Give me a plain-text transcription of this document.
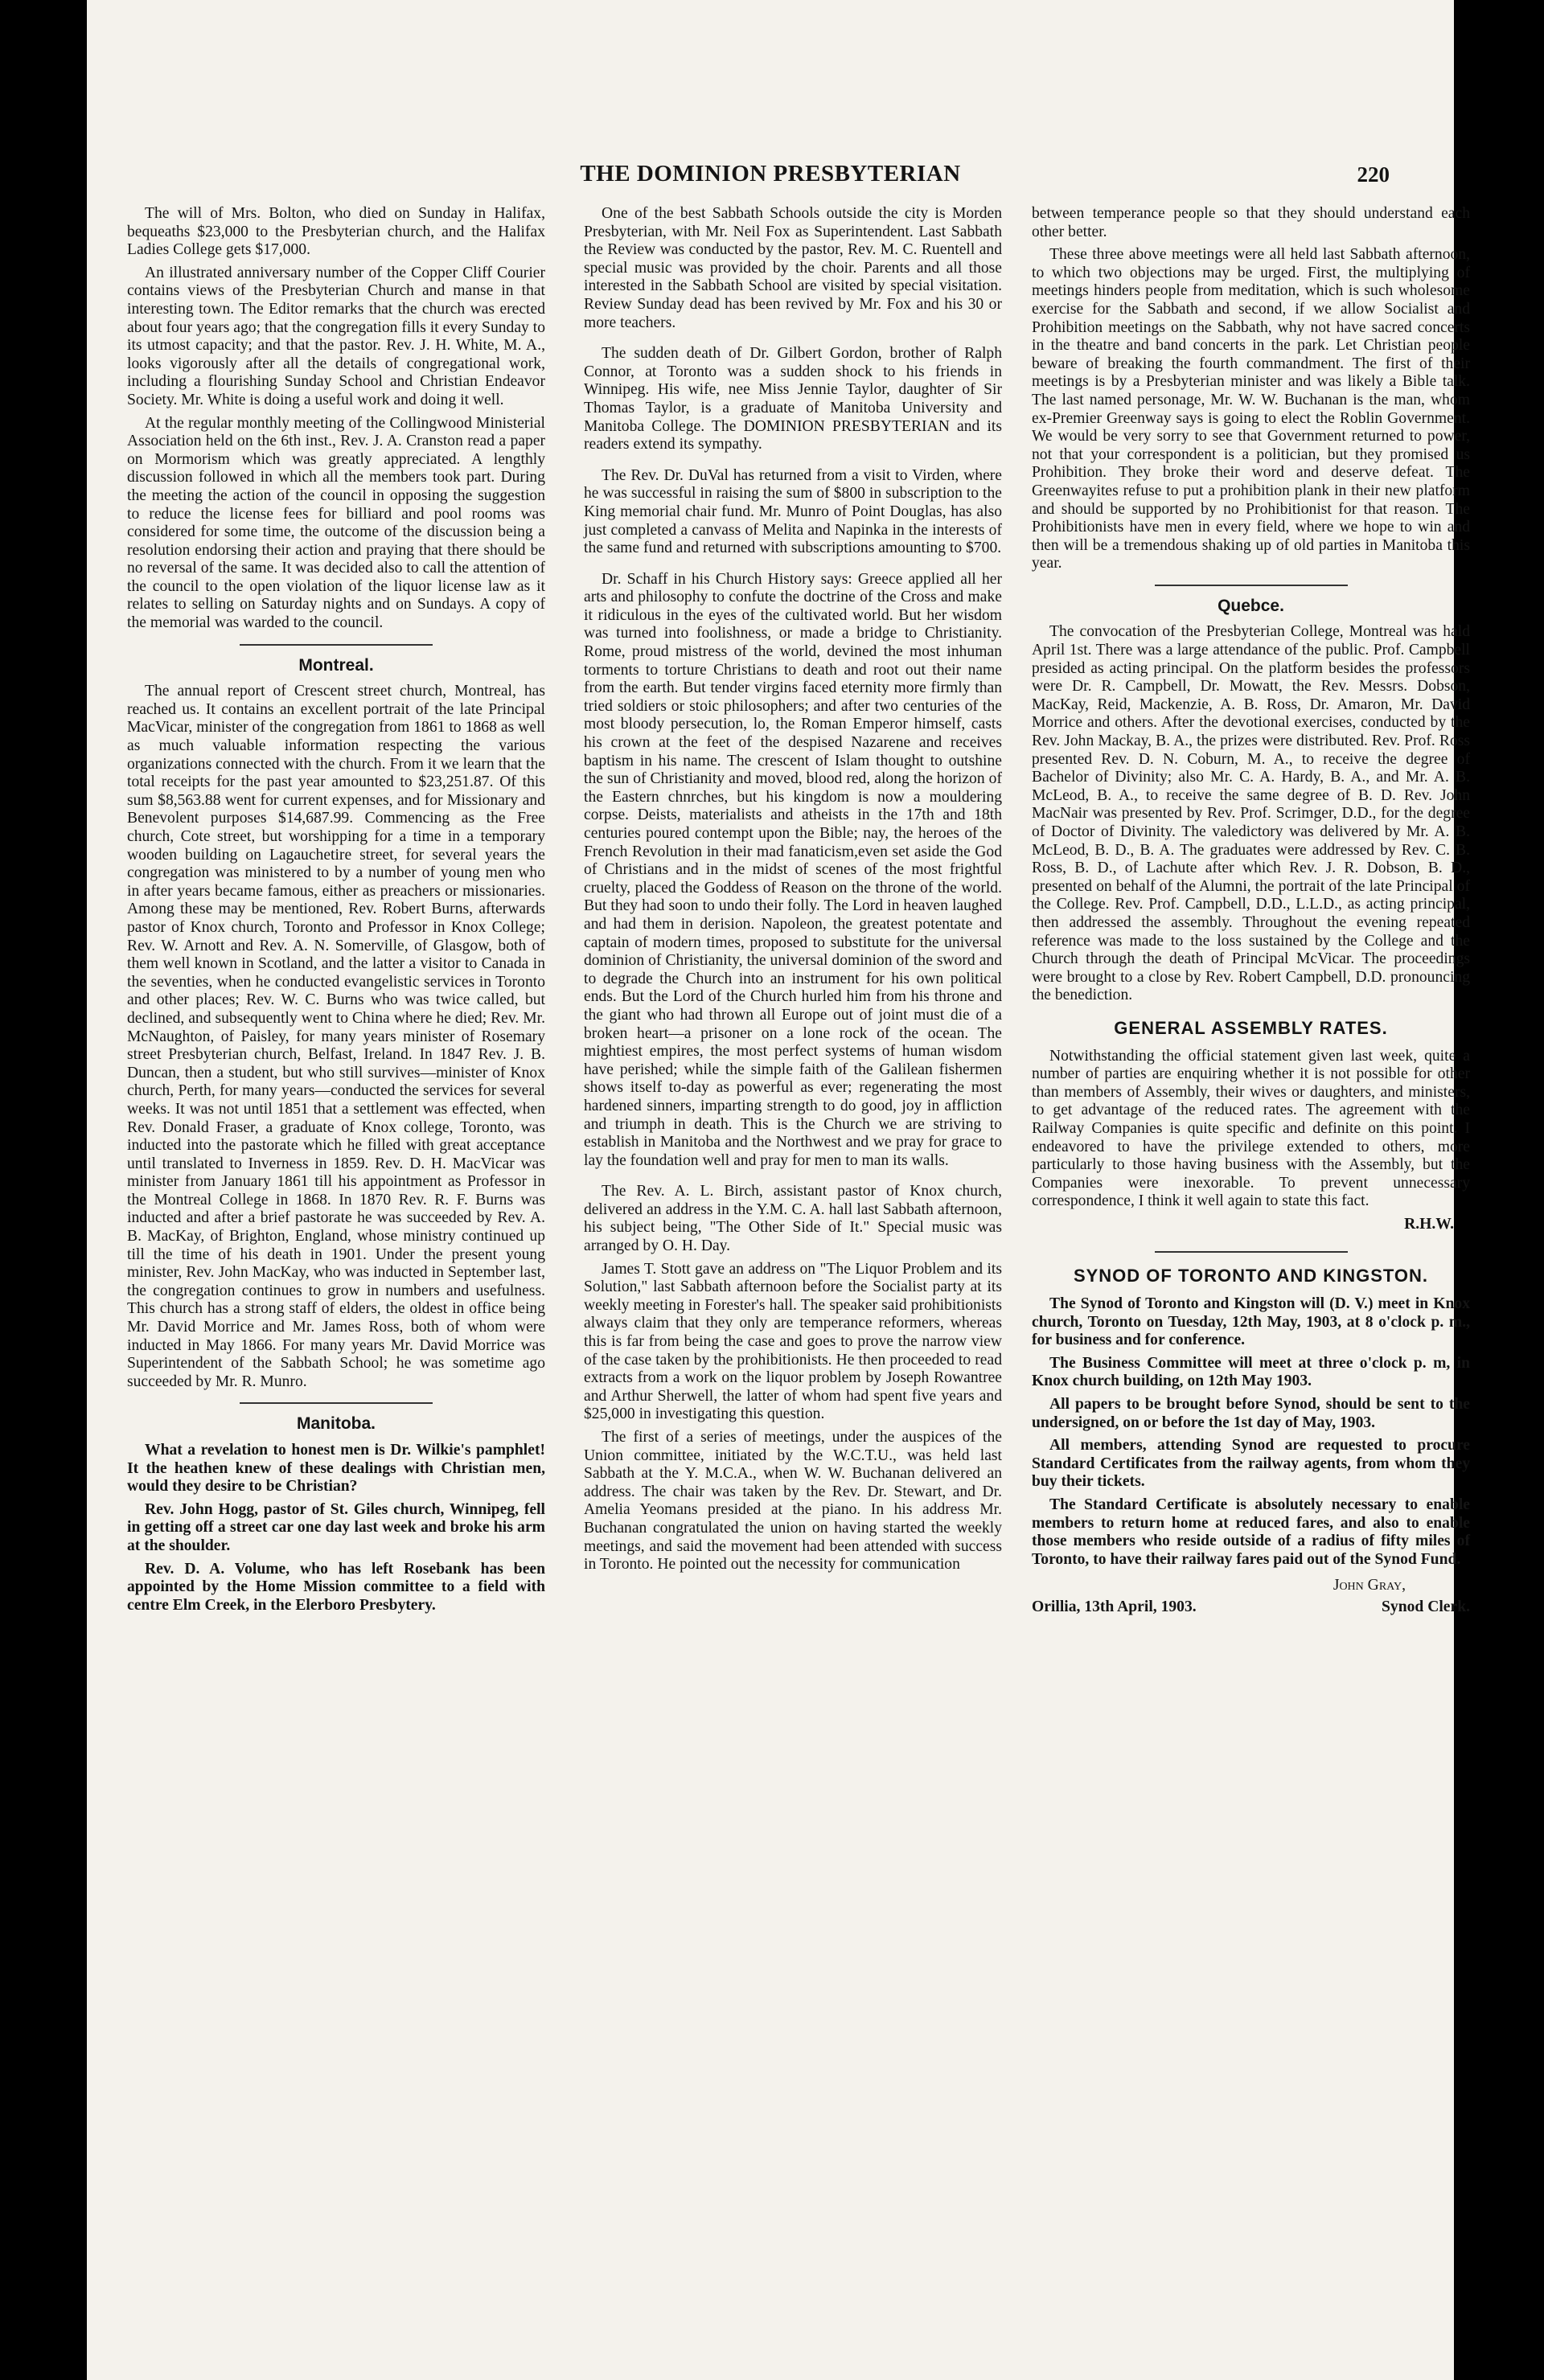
THE DOMINION PRESBYTERIAN	220

The will of Mrs. Bolton, who died on Sunday in Halifax, bequeaths $23,000 to the Presbyterian church, and the Halifax Ladies College gets $17,000.

An illustrated anniversary number of the Copper Cliff Courier contains views of the Presbyterian Church and manse in that interesting town. The Editor remarks that the church was erected about four years ago; that the congregation fills it every Sunday to its utmost capacity; and that the pastor. Rev. J. H. White, M. A., looks vigorously after all the details of congregational work, including a flourishing Sunday School and Christian Endeavor Society. Mr. White is doing a useful work and doing it well.

At the regular monthly meeting of the Collingwood Ministerial Association held on the 6th inst., Rev. J. A. Cranston read a paper on Mormorism which was greatly appreciated. A lengthly discussion followed in which all the members took part. During the meeting the action of the council in opposing the suggestion to reduce the license fees for billiard and pool rooms was considered for some time, the outcome of the discussion being a resolution endorsing their action and praying that there should be no reversal of the same. It was decided also to call the attention of the council to the open violation of the liquor license law as it relates to selling on Saturday nights and on Sundays. A copy of the memorial was warded to the council.

Montreal.

The annual report of Crescent street church, Montreal, has reached us. It contains an excellent portrait of the late Principal MacVicar, minister of the congregation from 1861 to 1868 as well as much valuable information respecting the various organizations connected with the church. From it we learn that the total receipts for the past year amounted to $23,251.87. Of this sum $8,563.88 went for current expenses, and for Missionary and Benevolent purposes $14,687.99. Commencing as the Free church, Cote street, but worshipping for a time in a temporary wooden building on Lagauchetire street, for several years the congregation was ministered to by a number of young men who in after years became famous, either as preachers or missionaries. Among these may be mentioned, Rev. Robert Burns, afterwards pastor of Knox church, Toronto and Professor in Knox College; Rev. W. Arnott and Rev. A. N. Somerville, of Glasgow, both of them well known in Scotland, and the latter a visitor to Canada in the seventies, when he conducted evangelistic services in Toronto and other places; Rev. W. C. Burns who was twice called, but declined, and subsequently went to China where he died; Rev. Mr. McNaughton, of Paisley, for many years minister of Rosemary street Presbyterian church, Belfast, Ireland. In 1847 Rev. J. B. Duncan, then a student, but who still survives—minister of Knox church, Perth, for many years—conducted the services for several weeks. It was not until 1851 that a settlement was effected, when Rev. Donald Fraser, a graduate of Knox college, Toronto, was inducted into the pastorate which he filled with great acceptance until translated to Inverness in 1859. Rev. D. H. MacVicar was minister from January 1861 till his appointment as Professor in the Montreal College in 1868. In 1870 Rev. R. F. Burns was inducted and after a brief pastorate he was succeeded by Rev. A. B. MacKay, of Brighton, England, whose ministry continued up till the time of his death in 1901. Under the present young minister, Rev. John MacKay, who was inducted in September last, the congregation continues to grow in numbers and usefulness. This church has a strong staff of elders, the oldest in office being Mr. David Morrice and Mr. James Ross, both of whom were inducted in May 1866. For many years Mr. David Morrice was Superintendent of the Sabbath School; he was sometime ago succeeded by Mr. R. Munro.

Manitoba.

What a revelation to honest men is Dr. Wilkie's pamphlet! It the heathen knew of these dealings with Christian men, would they desire to be Christian?

Rev. John Hogg, pastor of St. Giles church, Winnipeg, fell in getting off a street car one day last week and broke his arm at the shoulder.

Rev. D. A. Volume, who has left Rosebank has been appointed by the Home Mission committee to a field with centre Elm Creek, in the Elerboro Presbytery.

One of the best Sabbath Schools outside the city is Morden Presbyterian, with Mr. Neil Fox as Superintendent. Last Sabbath the Review was conducted by the pastor, Rev. M. C. Ruentell and special music was provided by the choir. Parents and all those interested in the Sabbath School are visited by special visitation. Review Sunday dead has been revived by Mr. Fox and his 30 or more teachers.

The sudden death of Dr. Gilbert Gordon, brother of Ralph Connor, at Toronto was a sudden shock to his friends in Winnipeg. His wife, nee Miss Jennie Taylor, daughter of Sir Thomas Taylor, is a graduate of Manitoba University and Manitoba College. The DOMINION PRESBYTERIAN and its readers extend its sympathy.

The Rev. Dr. DuVal has returned from a visit to Virden, where he was successful in raising the sum of $800 in subscription to the King memorial chair fund. Mr. Munro of Point Douglas, has also just completed a canvass of Melita and Napinka in the interests of the same fund and returned with subscriptions amounting to $700.

Dr. Schaff in his Church History says: Greece applied all her arts and philosophy to confute the doctrine of the Cross and make it ridiculous in the eyes of the cultivated world. But her wisdom was turned into foolishness, or made a bridge to Christianity. Rome, proud mistress of the world, devined the most inhuman torments to torture Christians to death and root out their name from the earth. But tender virgins faced eternity more firmly than tried soldiers or stoic philosophers; and after two centuries of the most bloody persecution, lo, the Roman Emperor himself, casts his crown at the feet of the despised Nazarene and receives baptism in his name. The crescent of Islam thought to outshine the sun of Christianity and moved, blood red, along the horizon of the Eastern chnrches, but his kingdom is now a mouldering corpse. Deists, materialists and atheists in the 17th and 18th centuries poured contempt upon the Bible; nay, the heroes of the French Revolution in their mad fanaticism,even set aside the God of Christians and in the midst of scenes of the most frightful cruelty, placed the Goddess of Reason on the throne of the world. But they had soon to undo their folly. The Lord in heaven laughed and had them in derision. Napoleon, the greatest potentate and captain of modern times, proposed to substitute for the universal dominion of Christianity, the universal dominion of the sword and to degrade the Church into an instrument for his own political ends. But the Lord of the Church hurled him from his throne and the giant who had thrown all Europe out of joint must die of a broken heart—a prisoner on a lone rock of the ocean. The mightiest empires, the most perfect systems of human wisdom have perished; while the simple faith of the Galilean fishermen shows itself to-day as powerful as ever; regenerating the most hardened sinners, imparting strength to do good, joy in affliction and triumph in death. This is the Church we are striving to establish in Manitoba and the Northwest and we pray for grace to lay the foundation well and pray for men to man its walls.

The Rev. A. L. Birch, assistant pastor of Knox church, delivered an address in the Y.M. C. A. hall last Sabbath afternoon, his subject being, "The Other Side of It." Special music was arranged by O. H. Day.

James T. Stott gave an address on "The Liquor Problem and its Solution," last Sabbath afternoon before the Socialist party at its weekly meeting in Forester's hall. The speaker said prohibitionists always claim that they only are temperance reformers, whereas this is far from being the case and goes to prove the narrow view of the case taken by the prohibitionists. He then proceeded to read extracts from a work on the liquor problem by Joseph Rowantree and Arthur Sherwell, the latter of whom had spent five years and $25,000 in investigating this question.

The first of a series of meetings, under the auspices of the Union committee, initiated by the W.C.T.U., was held last Sabbath at the Y. M.C.A., when W. W. Buchanan delivered an address. The chair was taken by the Rev. Dr. Stewart, and Dr. Amelia Yeomans presided at the piano. In his address Mr. Buchanan congratulated the union on having started the weekly meetings, and said the movement had been attended with success in Toronto. He pointed out the necessity for communication

between temperance people so that they should understand each other better.

These three above meetings were all held last Sabbath afternoon, to which two objections may be urged. First, the multiplying of meetings hinders people from meditation, which is such wholesome exercise for the Sabbath and second, if we allow Socialist and Prohibition meetings on the Sabbath, why not have sacred concerts in the theatre and band concerts in the park. Let Christian people beware of breaking the fourth commandment. The first of their meetings is by a Presbyterian minister and was likely a Bible talk. The last named personage, Mr. W. W. Buchanan is the man, whom ex-Premier Greenway says is going to elect the Roblin Government. We would be very sorry to see that Government returned to power, not that your correspondent is a politician, but they promised us Prohibition. They broke their word and deserve defeat. The Greenwayites refuse to put a prohibition plank in their new platform and should be supported by no Prohibitionist for that reason. The Prohibitionists have men in every field, where we hope to win and then will be a tremendous shaking up of old parties in Manitoba this year.

Quebce.

The convocation of the Presbyterian College, Montreal was hald April 1st. There was a large attendance of the public. Prof. Campbell presided as acting principal. On the platform besides the professors were Dr. R. Campbell, Dr. Mowatt, the Rev. Messrs. Dobson, MacKay, Reid, Mackenzie, A. B. Ross, Dr. Amaron, Mr. David Morrice and others. After the devotional exercises, conducted by the Rev. John Mackay, B. A., the prizes were distributed. Rev. Prof. Ross presented Rev. D. N. Coburn, M. A., to receive the degree of Bachelor of Divinity; also Mr. C. A. Hardy, B. A., and Mr. A. B. McLeod, B. A., to receive the same degree of B. D. Rev. John MacNair was presented by Rev. Prof. Scrimger, D.D., for the degree of Doctor of Divinity. The valedictory was delivered by Mr. A. B. McLeod, B. D., B. A. The graduates were addressed by Rev. C. B. Ross, B. D., of Lachute after which Rev. J. R. Dobson, B. D., presented on behalf of the Alumni, the portrait of the late Principal of the College. Rev. Prof. Campbell, D.D., L.L.D., as acting principal, then addressed the assembly. Throughout the evening repeated reference was made to the loss sustained by the College and the Church through the death of Principal McVicar. The proceedings were brought to a close by Rev. Robert Campbell, D.D. pronouncing the benediction.

GENERAL ASSEMBLY RATES.

Notwithstanding the official statement given last week, quite a number of parties are enquiring whether it is not possible for other than members of Assembly, their wives or daughters, and ministers, to get advantage of the reduced rates. The agreement with the Railway Companies is quite specific and definite on this point. I endeavored to have the privilege extended to others, more particularly to those having business with the Assembly, but the Companies were inexorable. To prevent unnecessary correspondence, I think it well again to state this fact.

R.H.W.
SYNOD OF TORONTO AND KINGSTON.

The Synod of Toronto and Kingston will (D. V.) meet in Knox church, Toronto on Tuesday, 12th May, 1903, at 8 o'clock p. m., for business and for conference.

The Business Committee will meet at three o'clock p. m, in Knox church building, on 12th May 1903.

All papers to be brought before Synod, should be sent to the undersigned, on or before the 1st day of May, 1903.

All members, attending Synod are requested to procure Standard Certificates from the railway agents, from whom they buy their tickets.

The Standard Certificate is absolutely necessary to enable members to return home at reduced fares, and also to enable those members who reside outside of a radius of fifty miles of Toronto, to have their railway fares paid out of the Synod Fund.

John Gray,
Orillia, 13th April, 1903.	Synod Clerk.
